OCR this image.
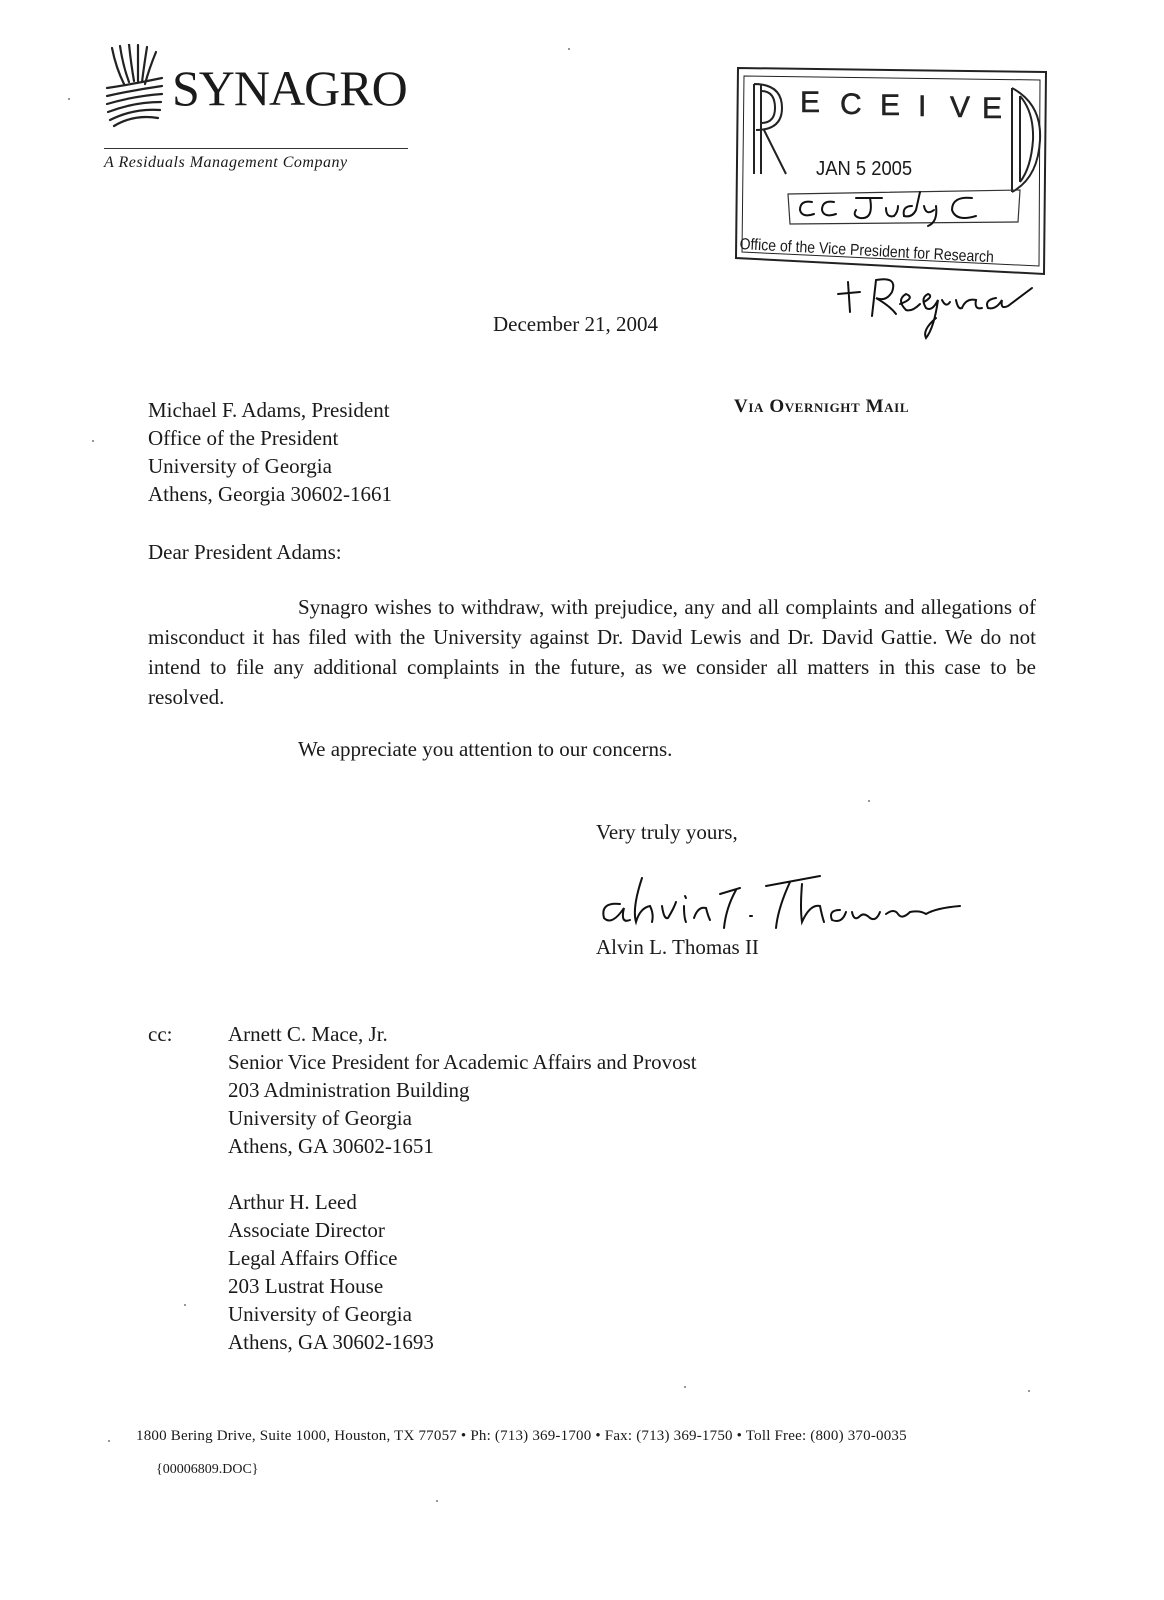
SYNAGRO
A Residuals Management Company
E C E I V E
JAN 5 2005
Office of the Vice President for Research
December 21, 2004
Via Overnight Mail
Michael F. Adams, President
Office of the President
University of Georgia
Athens, Georgia 30602-1661
Dear President Adams:
Synagro wishes to withdraw, with prejudice, any and all complaints and allegations of misconduct it has filed with the University against Dr. David Lewis and Dr. David Gattie. We do not intend to file any additional complaints in the future, as we consider all matters in this case to be resolved.
We appreciate you attention to our concerns.
Very truly yours,
Alvin L. Thomas II
cc:	Arnett C. Mace, Jr.
Senior Vice President for Academic Affairs and Provost
203 Administration Building
University of Georgia
Athens, GA 30602-1651
Arthur H. Leed
Associate Director
Legal Affairs Office
203 Lustrat House
University of Georgia
Athens, GA 30602-1693
1800 Bering Drive, Suite 1000, Houston, TX 77057 • Ph: (713) 369-1700 • Fax: (713) 369-1750 • Toll Free: (800) 370-0035
{00006809.DOC}
